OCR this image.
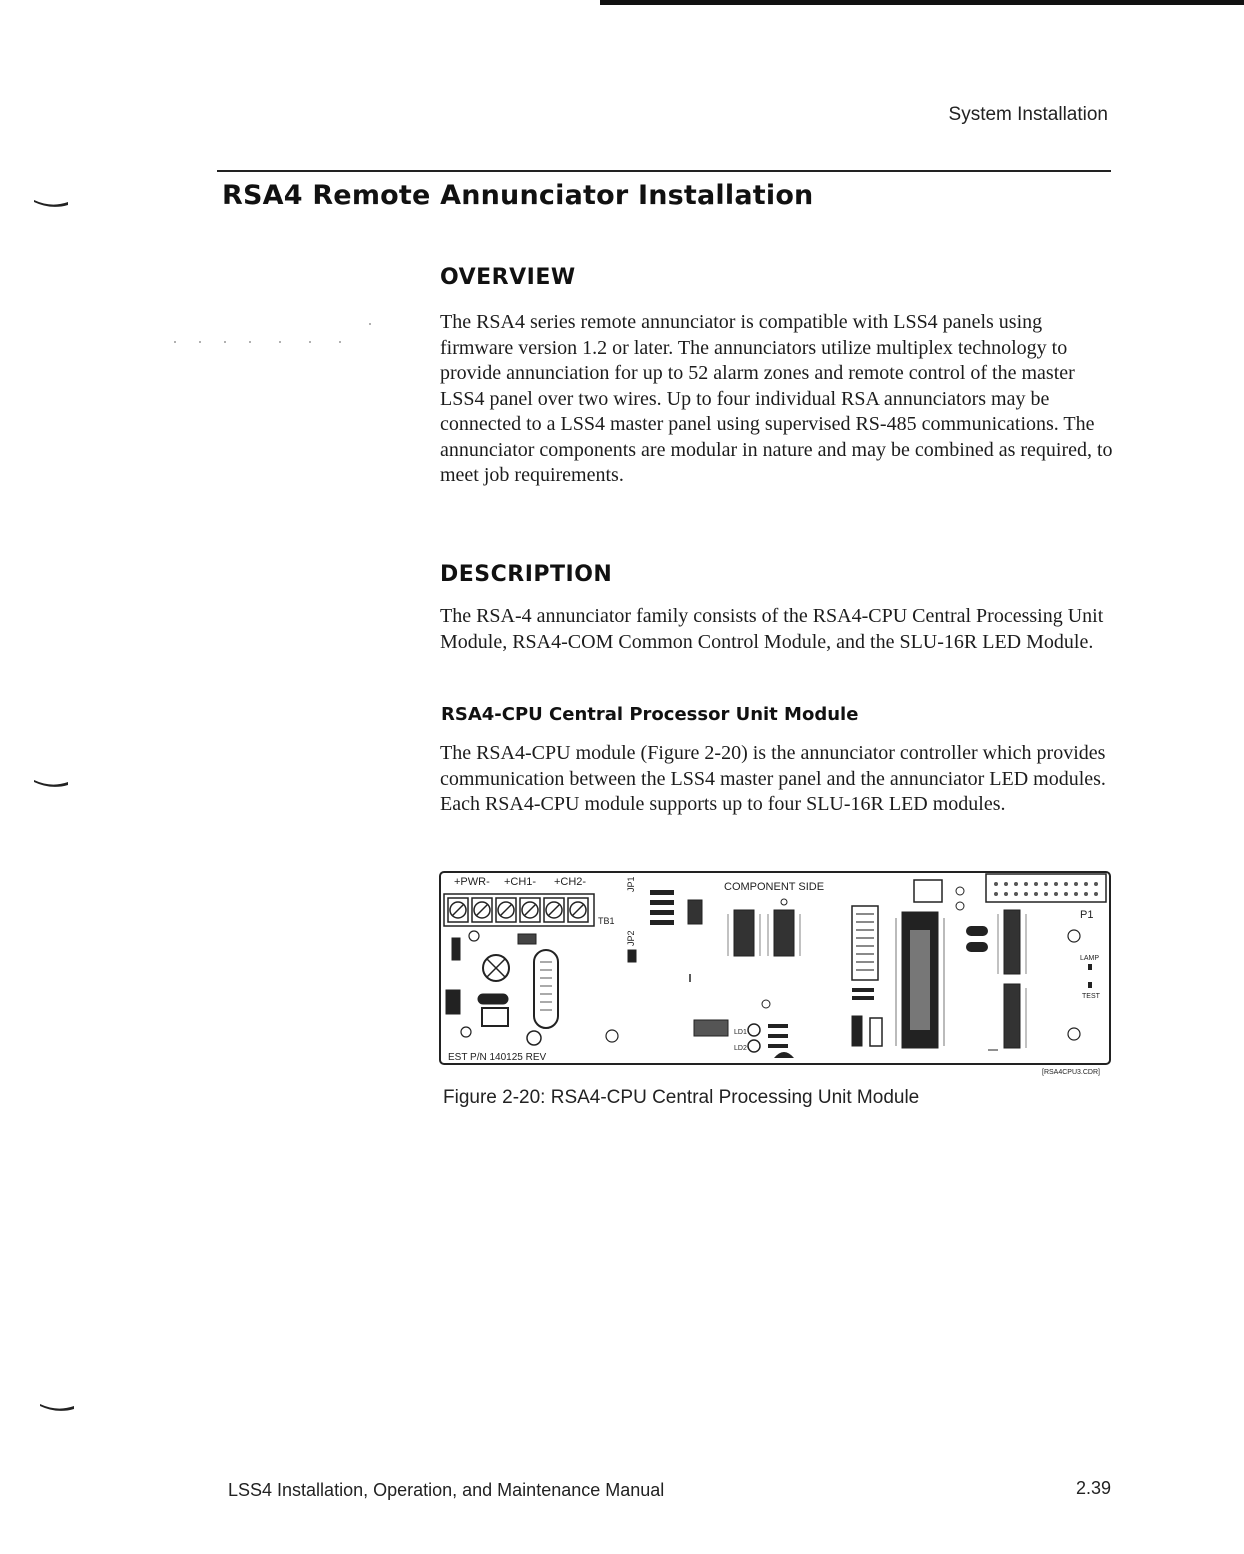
System Installation
RSA4 Remote Annunciator Installation
OVERVIEW
The RSA4 series remote annunciator is compatible with LSS4 panels using firmware version 1.2 or later. The annunciators utilize multiplex technology to provide annunciation for up to 52 alarm zones and remote control of the master LSS4 panel over two wires. Up to four individual RSA annunciators may be connected to a LSS4 master panel using supervised RS-485 communications. The annunciator components are modular in nature and may be combined as required, to meet job requirements.
DESCRIPTION
The RSA-4 annunciator family consists of the RSA4-CPU Central Processing Unit Module, RSA4-COM Common Control Module, and the SLU-16R LED Module.
RSA4-CPU Central Processor Unit Module
The RSA4-CPU module (Figure 2-20) is the annunciator controller which provides communication between the LSS4 master panel and the annunciator LED modules. Each RSA4-CPU module supports up to four SLU-16R LED modules.
+PWR- +CH1- +CH2-
TB1
EST P/N 140125 REV
JP1
JP2
COMPONENT SIDE
LD1
LD2
P1
LAMP
TEST
[RSA4CPU3.CDR]
Figure 2-20: RSA4-CPU Central Processing Unit Module
LSS4 Installation, Operation, and Maintenance Manual	2.39
